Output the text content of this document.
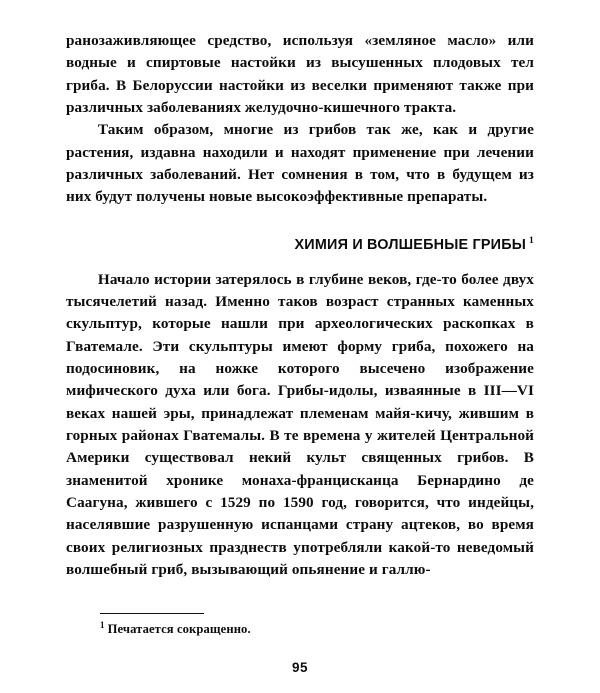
ранозаживляющее средство, используя «земляное масло» или водные и спиртовые настойки из высушенных плодовых тел гриба. В Белоруссии настойки из веселки применяют также при различных заболеваниях желудочно-кишечного тракта.

Таким образом, многие из грибов так же, как и другие растения, издавна находили и находят применение при лечении различных заболеваний. Нет сомнения в том, что в будущем из них будут получены новые высокоэффективные препараты.

ХИМИЯ И ВОЛШЕБНЫЕ ГРИБЫ $^1$

Начало истории затерялось в глубине веков, где-то более двух тысячелетий назад. Именно таков возраст странных каменных скульптур, которые нашли при археологических раскопках в Гватемале. Эти скульптуры имеют форму гриба, похожего на подосиновик, на ножке которого высечено изображение мифического духа или бога. Грибы-идолы, изваянные в III—VI веках нашей эры, принадлежат племенам майя-кичу, жившим в горных районах Гватемалы. В те времена у жителей Центральной Америки существовал некий культ священных грибов. В знаменитой хронике монаха-францисканца Бернардино де Саагуна, жившего с 1529 по 1590 год, говорится, что индейцы, населявшие разрушенную испанцами страну ацтеков, во время своих религиозных празднеств употребляли какой-то неведомый волшебный гриб, вызывающий опьянение и галлю-

$^1$ Печатается сокращенно.
95
